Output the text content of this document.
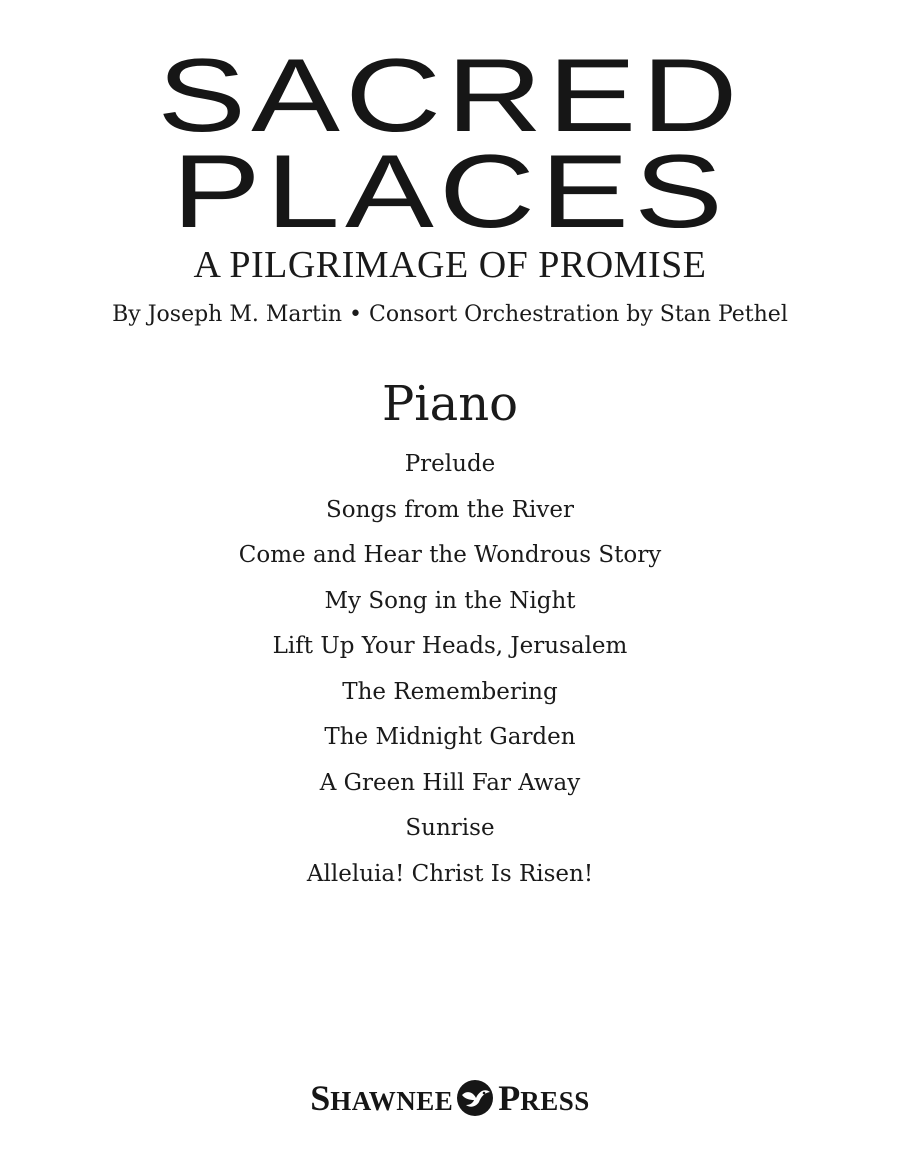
SACRED
PLACES
A PILGRIMAGE OF PROMISE
By Joseph M. Martin • Consort Orchestration by Stan Pethel
Piano
Prelude
Songs from the River
Come and Hear the Wondrous Story
My Song in the Night
Lift Up Your Heads, Jerusalem
The Remembering
The Midnight Garden
A Green Hill Far Away
Sunrise
Alleluia! Christ Is Risen!
SHAWNEE PRESS
